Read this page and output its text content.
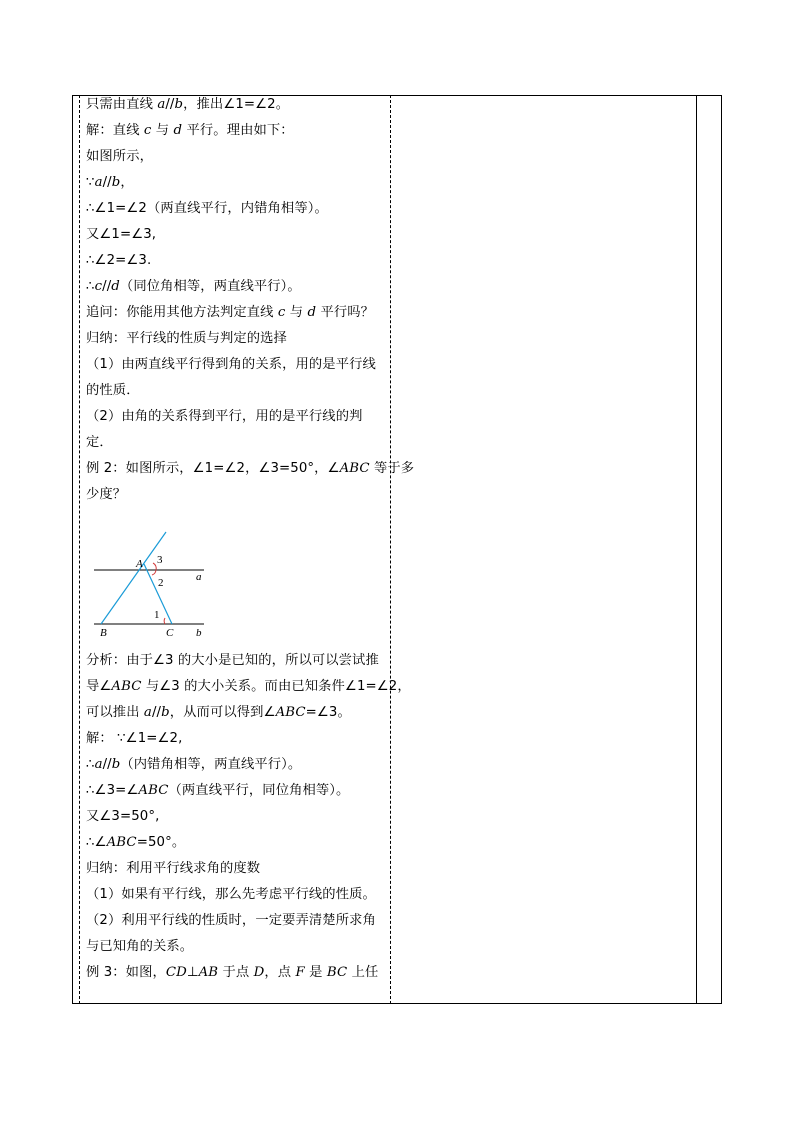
只需由直线 a//b，推出∠1=∠2。
解：直线 c 与 d 平行。理由如下：
如图所示，
∵a//b，
∴∠1=∠2（两直线平行，内错角相等）。
又∠1=∠3,
∴∠2=∠3.
∴c//d（同位角相等，两直线平行）。
追问：你能用其他方法判定直线 c 与 d 平行吗？
归纳：平行线的性质与判定的选择
（1）由两直线平行得到角的关系，用的是平行线
的性质．
（2）由角的关系得到平行，用的是平行线的判
定．
例 2：如图所示，∠1=∠2，∠3=50°，∠ABC 等于多
少度？
分析：由于∠3 的大小是已知的，所以可以尝试推
导∠ABC 与∠3 的大小关系。而由已知条件∠1=∠2，
可以推出 a//b，从而可以得到∠ABC=∠3。
解： ∵∠1=∠2,
∴a//b（内错角相等，两直线平行）。
∴∠3=∠ABC（两直线平行，同位角相等）。
又∠3=50°,
∴∠ABC=50°。
归纳：利用平行线求角的度数
（1）如果有平行线，那么先考虑平行线的性质。
（2）利用平行线的性质时，一定要弄清楚所求角
与已知角的关系。
例 3：如图，CD⊥AB 于点 D，点 F 是 BC 上任
A 3
2	a
1
B	C b
